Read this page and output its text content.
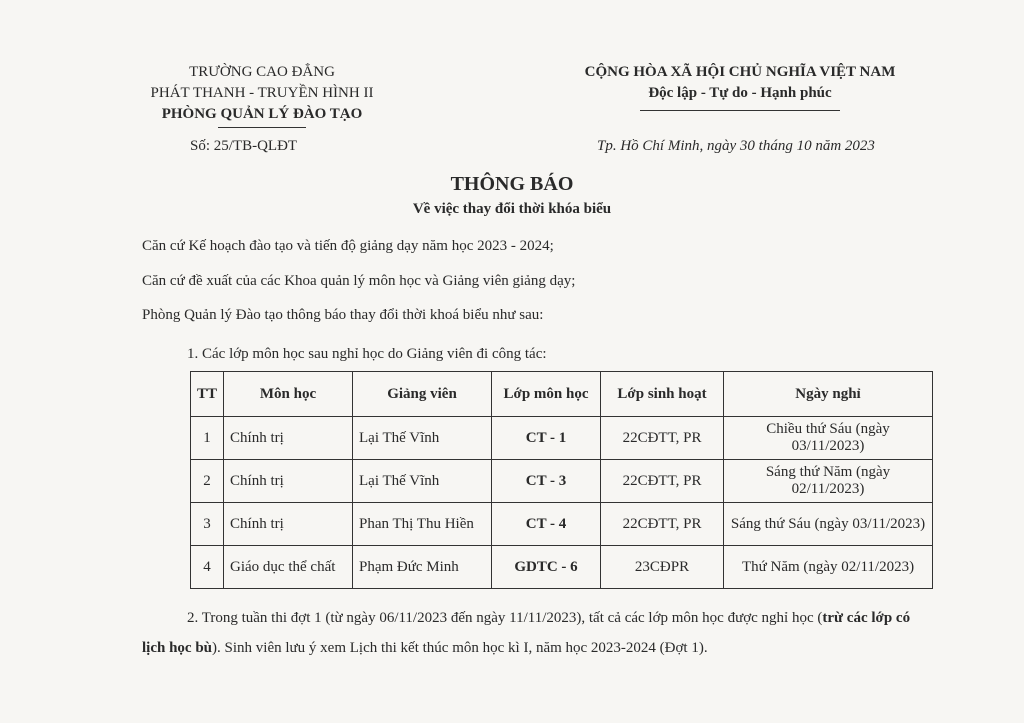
TRƯỜNG CAO ĐẲNG
PHÁT THANH - TRUYỀN HÌNH II
PHÒNG QUẢN LÝ ĐÀO TẠO
CỘNG HÒA XÃ HỘI CHỦ NGHĨA VIỆT NAM
Độc lập - Tự do - Hạnh phúc
Số: 25/TB-QLĐT	Tp. Hồ Chí Minh, ngày 30 tháng 10 năm 2023
THÔNG BÁO
Về việc thay đổi thời khóa biểu
Căn cứ Kế hoạch đào tạo và tiến độ giảng dạy năm học 2023 - 2024;
Căn cứ đề xuất của các Khoa quản lý môn học và Giảng viên giảng dạy;
Phòng Quản lý Đào tạo thông báo thay đổi thời khoá biểu như sau:
1. Các lớp môn học sau nghỉ học do Giảng viên đi công tác:
TT	Môn học	Giảng viên	Lớp môn học	Lớp sinh hoạt	Ngày nghỉ
1	Chính trị	Lại Thế Vĩnh	CT - 1	22CĐTT, PR	Chiều thứ Sáu (ngày 03/11/2023)
2	Chính trị	Lại Thế Vĩnh	CT - 3	22CĐTT, PR	Sáng thứ Năm (ngày 02/11/2023)
3	Chính trị	Phan Thị Thu Hiền	CT - 4	22CĐTT, PR	Sáng thứ Sáu (ngày 03/11/2023)
4	Giáo dục thể chất	Phạm Đức Minh	GDTC - 6	23CĐPR	Thứ Năm (ngày 02/11/2023)
2. Trong tuần thi đợt 1 (từ ngày 06/11/2023 đến ngày 11/11/2023), tất cả các lớp môn học được nghỉ học (trừ các lớp có
lịch học bù). Sinh viên lưu ý xem Lịch thi kết thúc môn học kì I, năm học 2023-2024 (Đợt 1).
